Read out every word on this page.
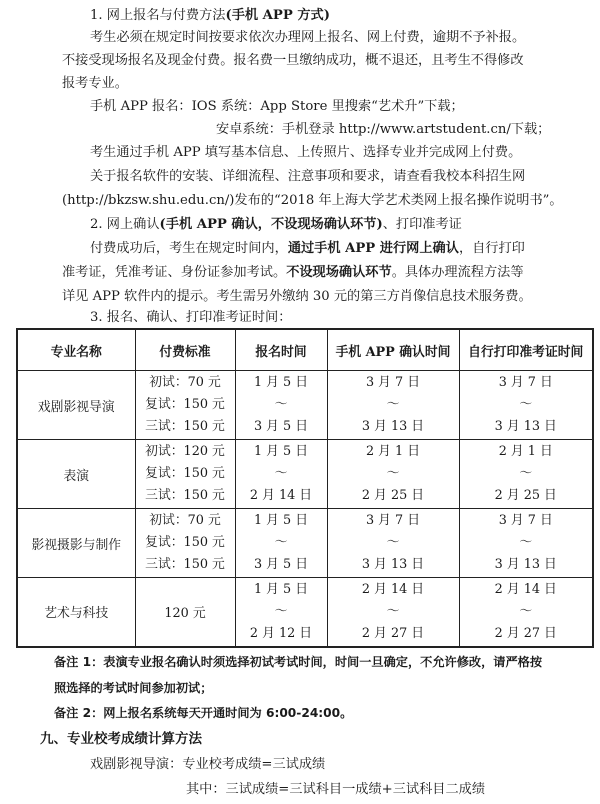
1. 网上报名与付费方法(手机 APP 方式)
考生必须在规定时间按要求依次办理网上报名、网上付费，逾期不予补报。
不接受现场报名及现金付费。报名费一旦缴纳成功，概不退还，且考生不得修改
报考专业。
手机 APP 报名：IOS 系统：App Store 里搜索“艺术升”下载；
安卓系统：手机登录 http://www.artstudent.cn/下载；
考生通过手机 APP 填写基本信息、上传照片、选择专业并完成网上付费。
关于报名软件的安装、详细流程、注意事项和要求，请查看我校本科招生网
(http://bkzsw.shu.edu.cn/)发布的“2018 年上海大学艺术类网上报名操作说明书”。
2. 网上确认(手机 APP 确认，不设现场确认环节)、打印准考证
付费成功后，考生在规定时间内，通过手机 APP 进行网上确认，自行打印
准考证，凭准考证、身份证参加考试。不设现场确认环节。具体办理流程方法等
详见 APP 软件内的提示。考生需另外缴纳 30 元的第三方肖像信息技术服务费。
3. 报名、确认、打印准考证时间：
专业名称	付费标准	报名时间	手机 APP 确认时间	自行打印准考证时间
戏剧影视导演	初试：70 元
复试：150 元
三试：150 元	1 月 5 日
～
3 月 5 日	3 月 7 日
～
3 月 13 日	3 月 7 日
～
3 月 13 日

表演	初试：120 元
复试：150 元
三试：150 元	1 月 5 日
～
2 月 14 日	2 月 1 日
～
2 月 25 日	2 月 1 日
～
2 月 25 日

影视摄影与制作	初试：70 元
复试：150 元
三试：150 元	1 月 5 日
～
3 月 5 日	3 月 7 日
～
3 月 13 日	3 月 7 日
～
3 月 13 日

艺术与科技	120 元	1 月 5 日
～
2 月 12 日	2 月 14 日
～
2 月 27 日	2 月 14 日
～
2 月 27 日
备注 1：表演专业报名确认时须选择初试考试时间，时间一旦确定，不允许修改，请严格按
照选择的考试时间参加初试；
备注 2：网上报名系统每天开通时间为 6:00-24:00。
九、专业校考成绩计算方法
戏剧影视导演：专业校考成绩=三试成绩
其中：三试成绩=三试科目一成绩+三试科目二成绩
